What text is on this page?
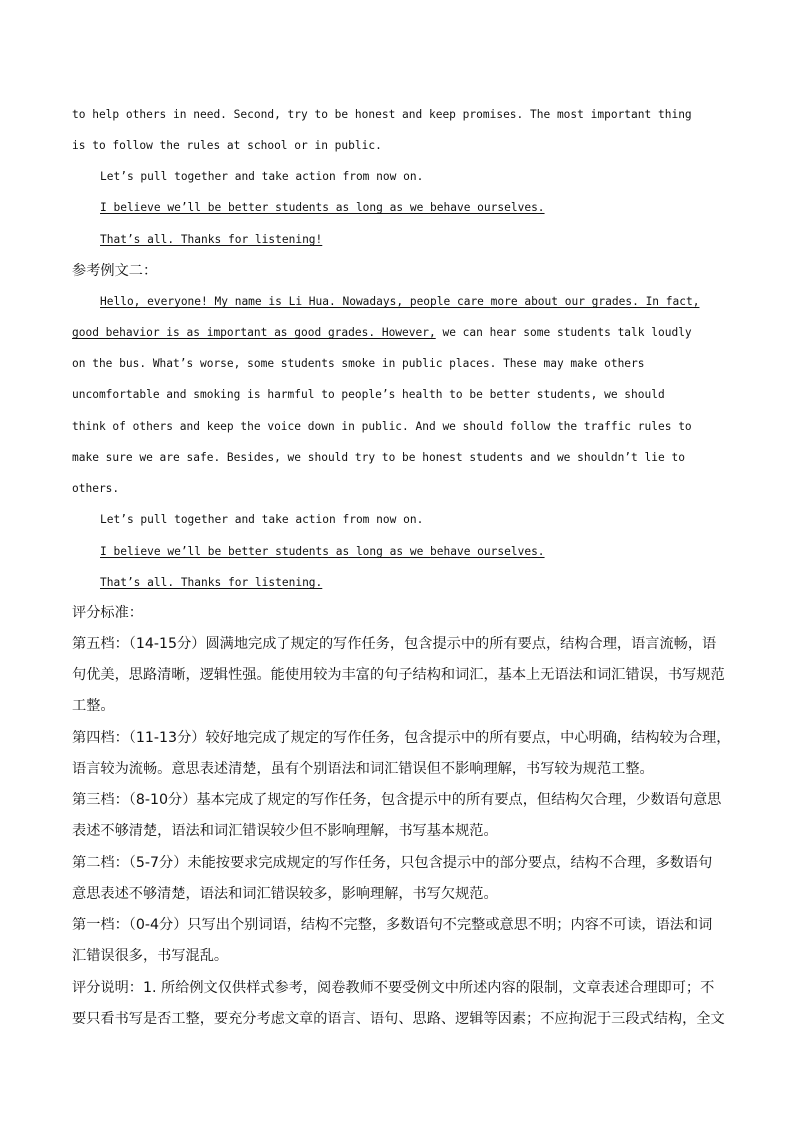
to help others in need. Second, try to be honest and keep promises. The most important thing
is to follow the rules at school or in public.
Let’s pull together and take action from now on.
I believe we’ll be better students as long as we behave ourselves.
That’s all. Thanks for listening!
参考例文二：
Hello, everyone! My name is Li Hua. Nowadays, people care more about our grades. In fact,
good behavior is as important as good grades. However, we can hear some students talk loudly
on the bus. What’s worse, some students smoke in public places. These may make others
uncomfortable and smoking is harmful to people’s health to be better students, we should
think of others and keep the voice down in public. And we should follow the traffic rules to
make sure we are safe. Besides, we should try to be honest students and we shouldn’t lie to
others.
Let’s pull together and take action from now on.
I believe we’ll be better students as long as we behave ourselves.
That’s all. Thanks for listening.
评分标准：
第五档：（14-15分）圆满地完成了规定的写作任务，包含提示中的所有要点，结构合理，语言流畅，语
句优美，思路清晰，逻辑性强。能使用较为丰富的句子结构和词汇，基本上无语法和词汇错误，书写规范
工整。
第四档：（11-13分）较好地完成了规定的写作任务，包含提示中的所有要点，中心明确，结构较为合理，
语言较为流畅。意思表述清楚，虽有个别语法和词汇错误但不影响理解，书写较为规范工整。
第三档：（8-10分）基本完成了规定的写作任务，包含提示中的所有要点，但结构欠合理，少数语句意思
表述不够清楚，语法和词汇错误较少但不影响理解，书写基本规范。
第二档：（5-7分）未能按要求完成规定的写作任务，只包含提示中的部分要点，结构不合理，多数语句
意思表述不够清楚，语法和词汇错误较多，影响理解，书写欠规范。
第一档：（0-4分）只写出个别词语，结构不完整，多数语句不完整或意思不明；内容不可读，语法和词
汇错误很多，书写混乱。
评分说明：1. 所给例文仅供样式参考，阅卷教师不要受例文中所述内容的限制，文章表述合理即可；不
要只看书写是否工整，要充分考虑文章的语言、语句、思路、逻辑等因素；不应拘泥于三段式结构，全文
